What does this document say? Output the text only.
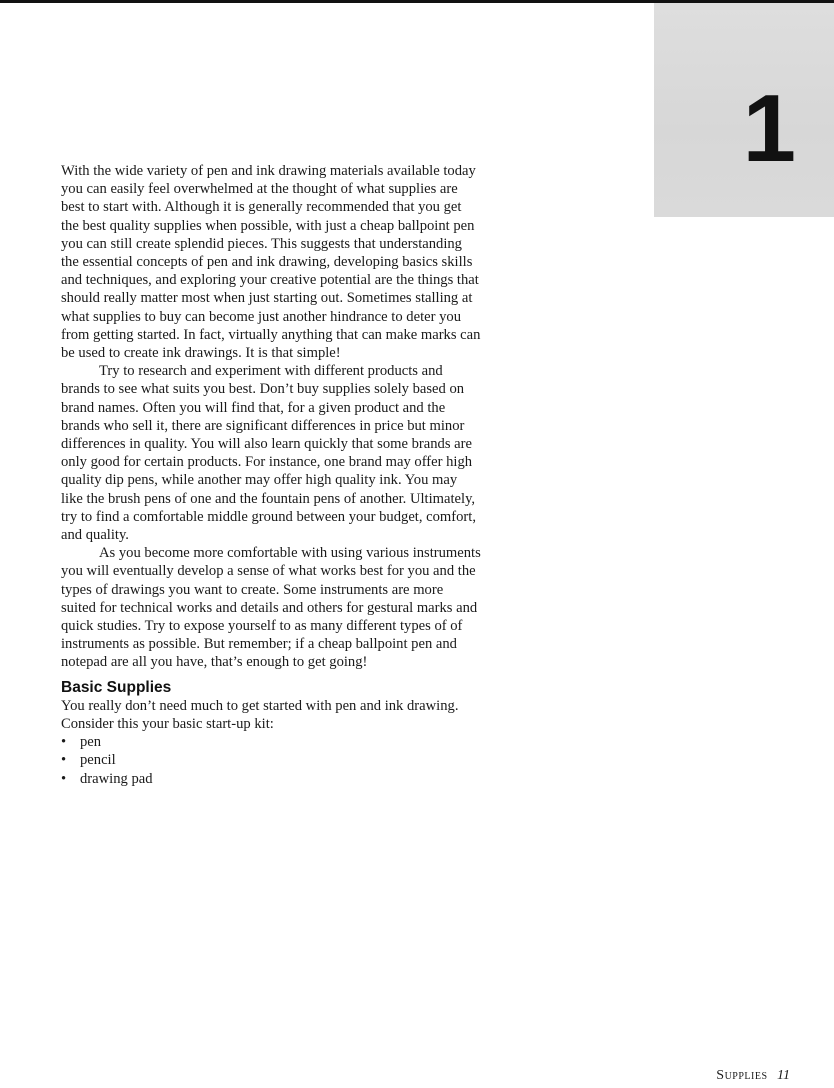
1

With the wide variety of pen and ink drawing materials available today you can easily feel overwhelmed at the thought of what supplies are best to start with. Although it is generally recommended that you get the best quality supplies when possible, with just a cheap ballpoint pen you can still create splendid pieces. This suggests that understanding the essential concepts of pen and ink drawing, developing basics skills and techniques, and exploring your creative potential are the things that should really matter most when just starting out. Sometimes stalling at what supplies to buy can become just another hindrance to deter you from getting started. In fact, virtually anything that can make marks can be used to create ink drawings. It is that simple!

Try to research and experiment with different products and brands to see what suits you best. Don’t buy supplies solely based on brand names. Often you will find that, for a given product and the brands who sell it, there are significant differences in price but minor differences in quality. You will also learn quickly that some brands are only good for certain products. For instance, one brand may offer high quality dip pens, while another may offer high quality ink. You may like the brush pens of one and the fountain pens of another. Ultimately, try to find a comfortable middle ground between your budget, comfort, and quality.

As you become more comfortable with using various instruments you will eventually develop a sense of what works best for you and the types of drawings you want to create. Some instruments are more suited for technical works and details and others for gestural marks and quick studies. Try to expose yourself to as many different types of of instruments as possible. But remember; if a cheap ballpoint pen and notepad are all you have, that’s enough to get going!

Basic Supplies

You really don’t need much to get started with pen and ink drawing. Consider this your basic start-up kit:

• pen
• pencil
• drawing pad
Supplies 11
